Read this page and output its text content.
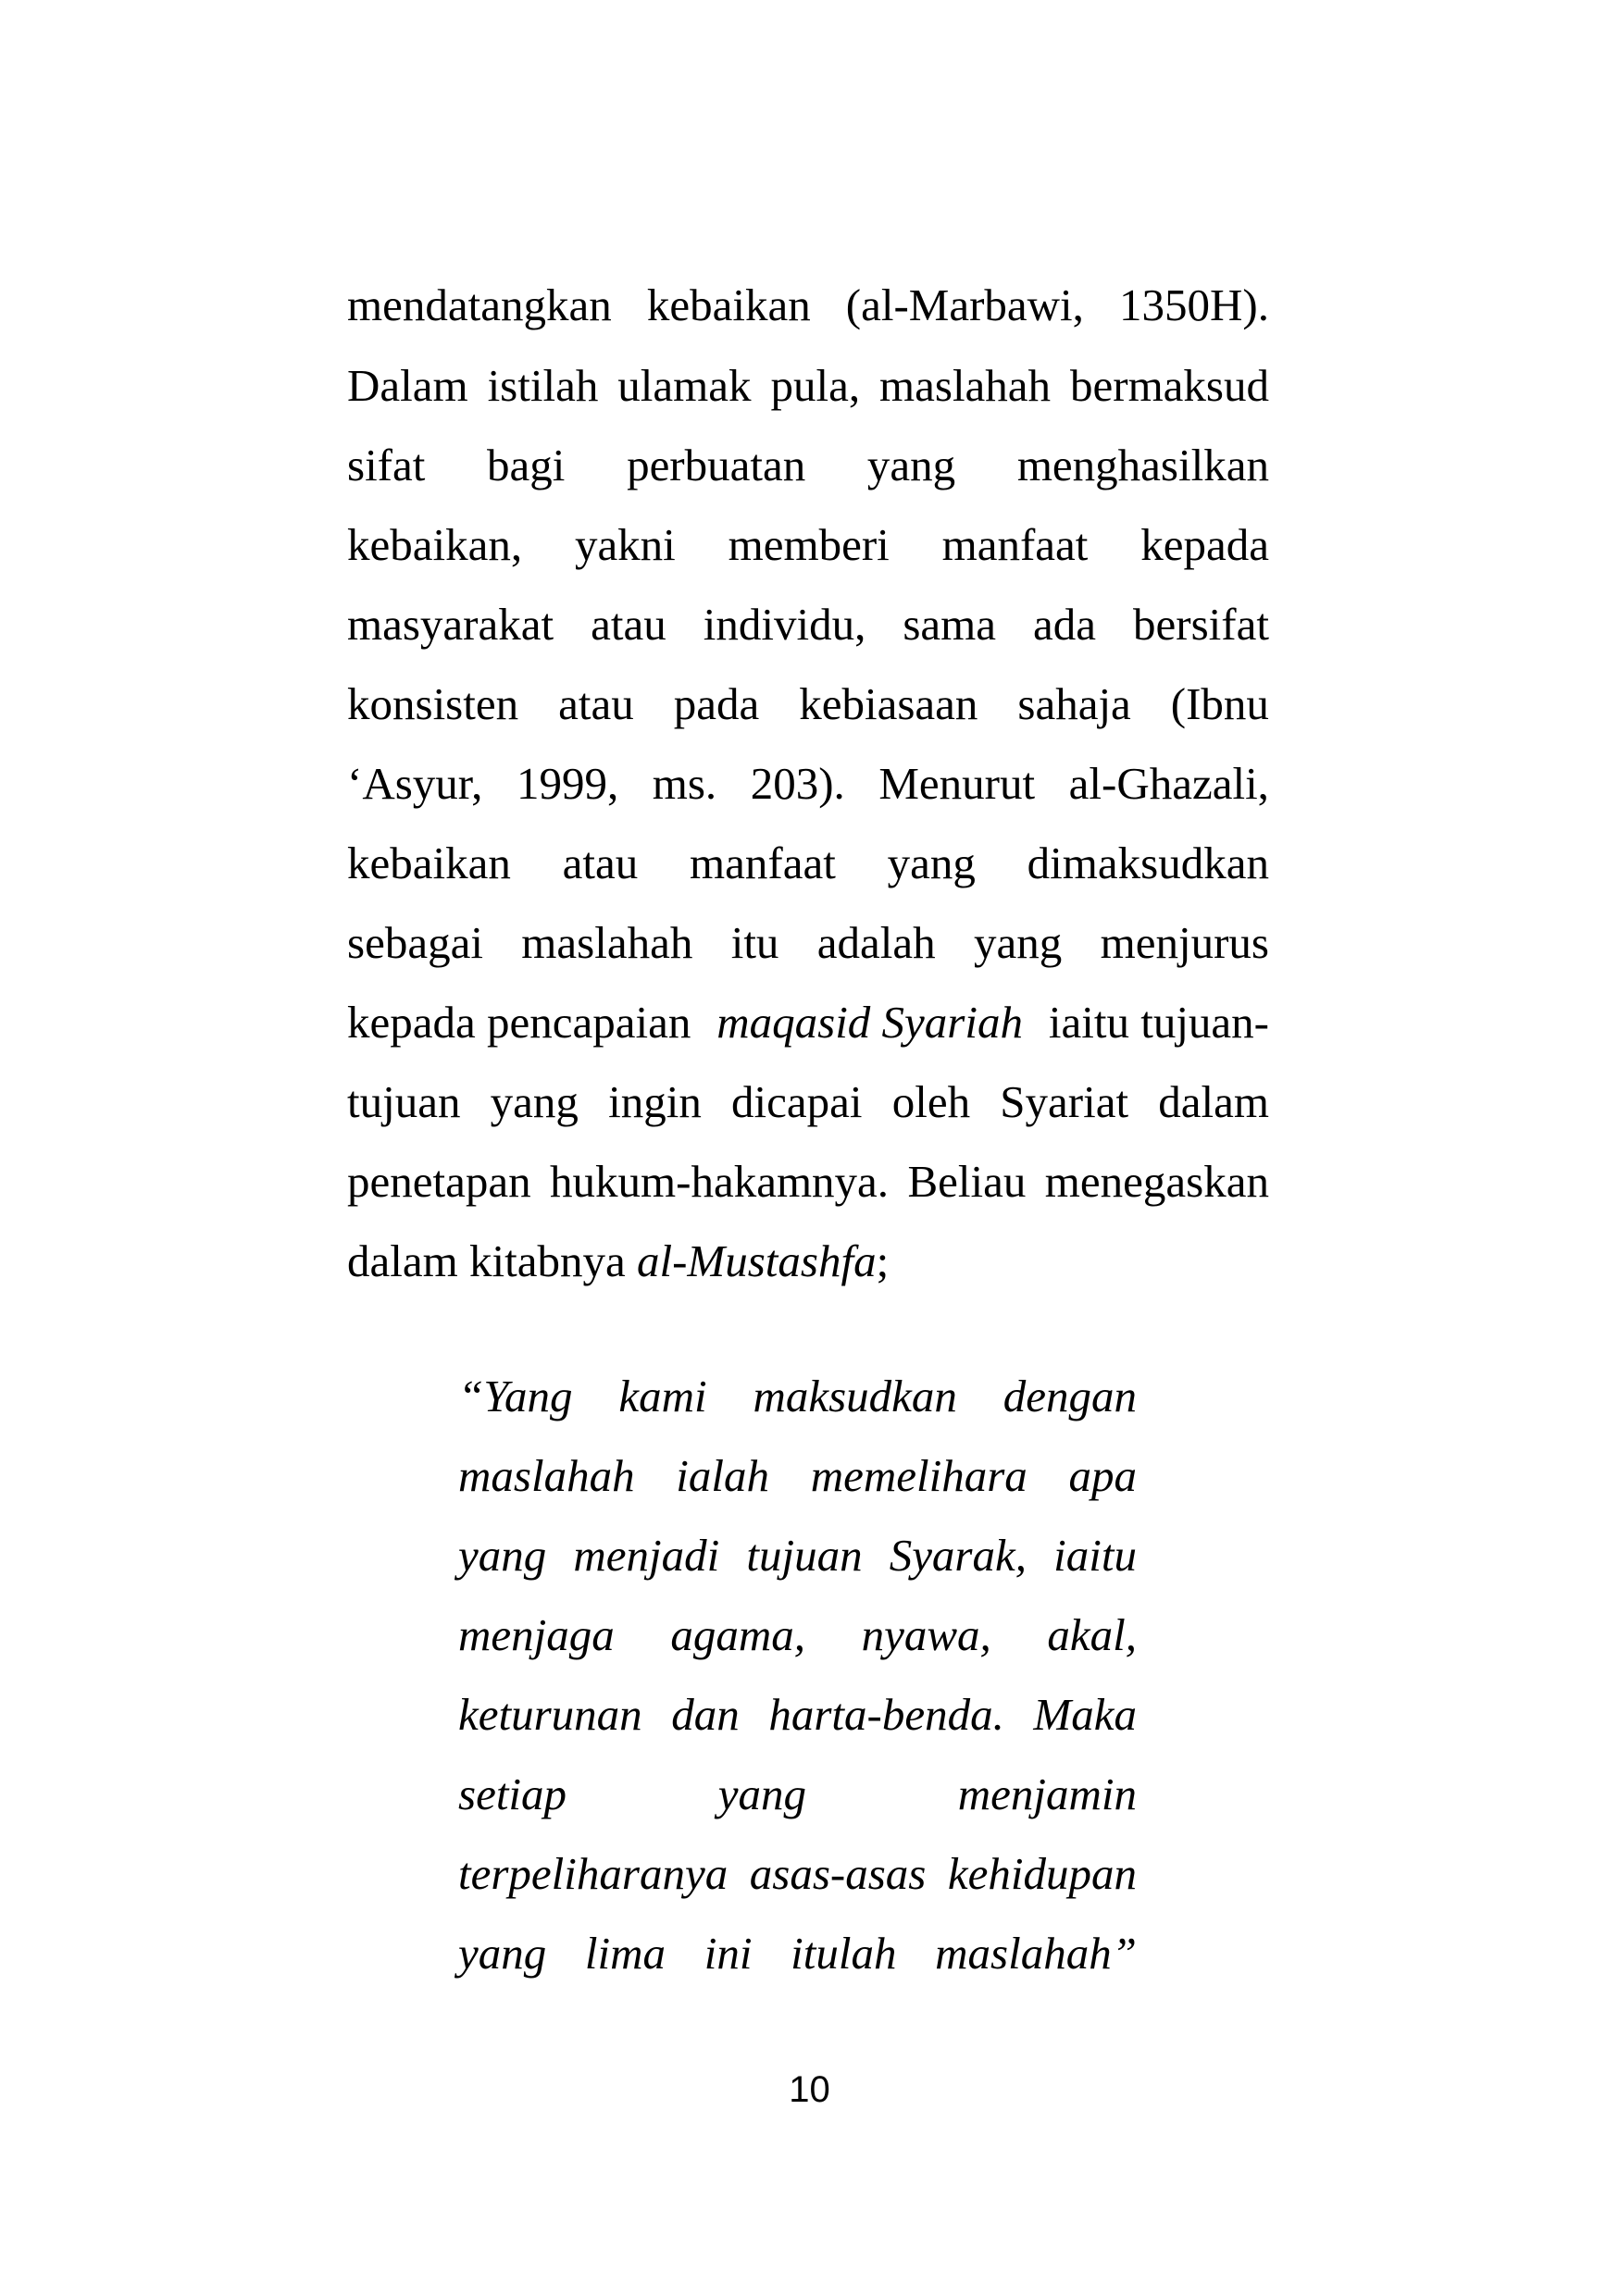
mendatangkan kebaikan (al-Marbawi, 1350H).
Dalam istilah ulamak pula, maslahah bermaksud
sifat bagi perbuatan yang menghasilkan
kebaikan, yakni memberi manfaat kepada
masyarakat atau individu, sama ada bersifat
konsisten atau pada kebiasaan sahaja (Ibnu
‘Asyur, 1999, ms. 203). Menurut al-Ghazali,
kebaikan atau manfaat yang dimaksudkan
sebagai maslahah itu adalah yang menjurus
kepada pencapaian maqasid Syariah iaitu tujuan-
tujuan yang ingin dicapai oleh Syariat dalam
penetapan hukum-hakamnya. Beliau menegaskan
dalam kitabnya al-Mustashfa;
“Yang kami maksudkan dengan
maslahah ialah memelihara apa
yang menjadi tujuan Syarak, iaitu
menjaga agama, nyawa, akal,
keturunan dan harta-benda. Maka
setiap	yang	menjamin
terpeliharanya asas-asas kehidupan
yang lima ini itulah maslahah”
10
